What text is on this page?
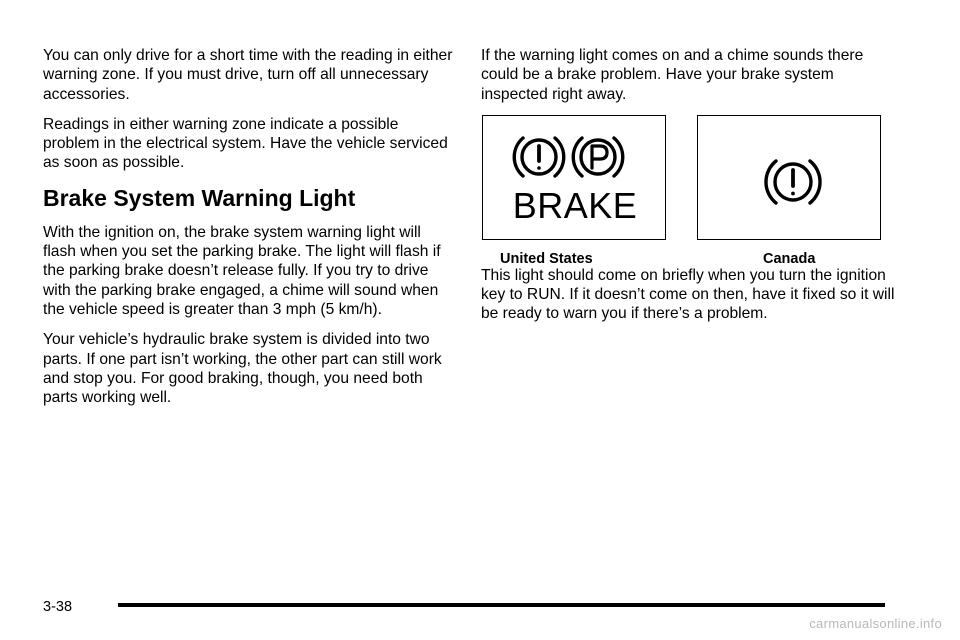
You can only drive for a short time with the reading in either warning zone. If you must drive, turn off all unnecessary accessories.

Readings in either warning zone indicate a possible problem in the electrical system. Have the vehicle serviced as soon as possible.

Brake System Warning Light

With the ignition on, the brake system warning light will flash when you set the parking brake. The light will flash if the parking brake doesn’t release fully. If you try to drive with the parking brake engaged, a chime will sound when the vehicle speed is greater than 3 mph (5 km/h).

Your vehicle’s hydraulic brake system is divided into two parts. If one part isn’t working, the other part can still work and stop you. For good braking, though, you need both parts working well.

If the warning light comes on and a chime sounds there could be a brake problem. Have your brake system inspected right away.

BRAKE
United States	Canada

This light should come on briefly when you turn the ignition key to RUN. If it doesn’t come on then, have it fixed so it will be ready to warn you if there’s a problem.

3-38
carmanualsonline.info
